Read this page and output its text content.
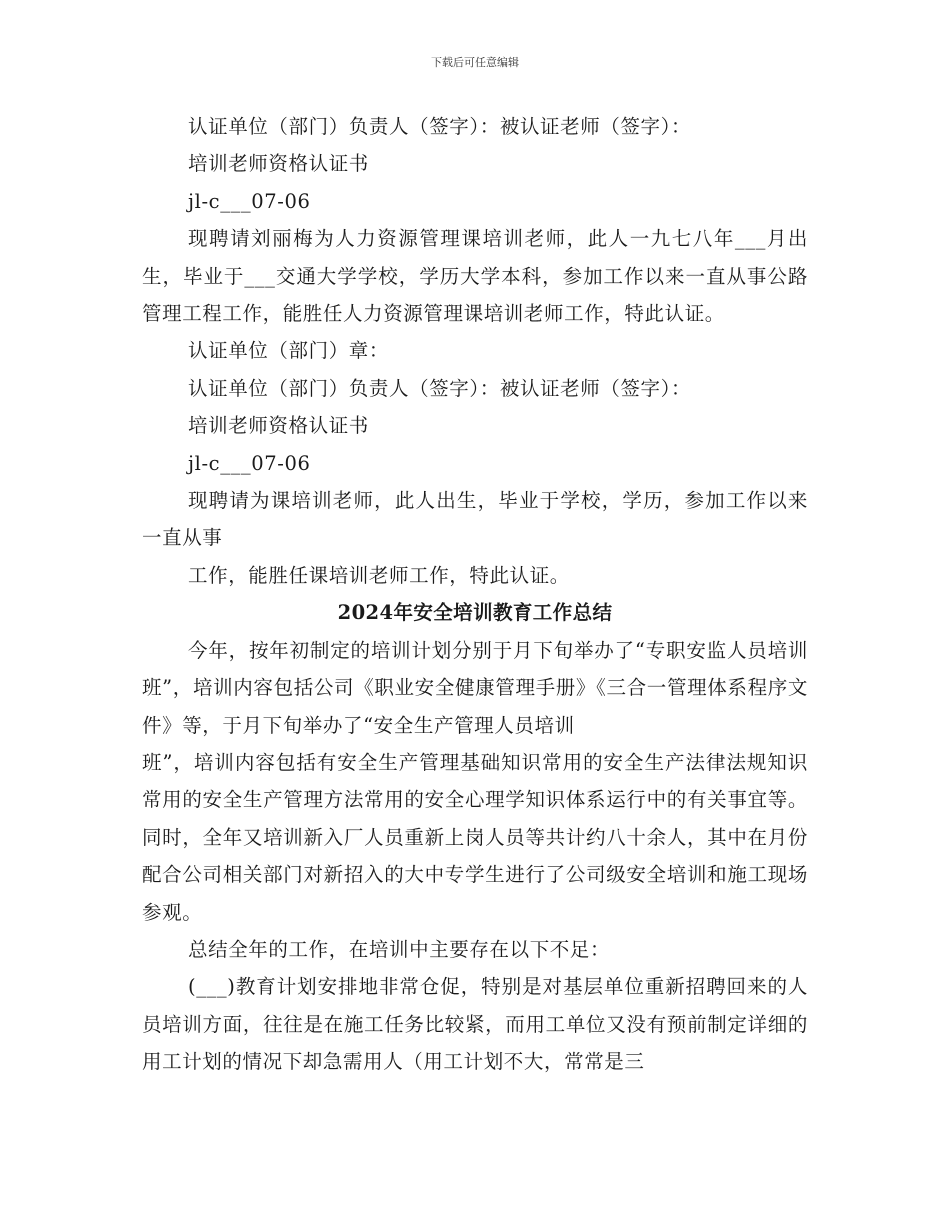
下载后可任意编辑

认证单位（部门）负责人（签字）：被认证老师（签字）：

培训老师资格认证书

jl-c___07-06

现聘请刘丽梅为人力资源管理课培训老师，此人一九七八年___月出生，毕业于___交通大学学校，学历大学本科，参加工作以来一直从事公路管理工程工作，能胜任人力资源管理课培训老师工作，特此认证。

认证单位（部门）章：

认证单位（部门）负责人（签字）：被认证老师（签字）：

培训老师资格认证书

jl-c___07-06

现聘请为课培训老师，此人出生，毕业于学校，学历，参加工作以来一直从事

工作，能胜任课培训老师工作，特此认证。

2024年安全培训教育工作总结

今年，按年初制定的培训计划分别于月下旬举办了“专职安监人员培训班”，培训内容包括公司《职业安全健康管理手册》《三合一管理体系程序文件》等，于月下旬举办了“安全生产管理人员培训

班”，培训内容包括有安全生产管理基础知识常用的安全生产法律法规知识常用的安全生产管理方法常用的安全心理学知识体系运行中的有关事宜等。同时，全年又培训新入厂人员重新上岗人员等共计约八十余人，其中在月份配合公司相关部门对新招入的大中专学生进行了公司级安全培训和施工现场参观。

总结全年的工作，在培训中主要存在以下不足：

(___)教育计划安排地非常仓促，特别是对基层单位重新招聘回来的人员培训方面，往往是在施工任务比较紧，而用工单位又没有预前制定详细的用工计划的情况下却急需用人（用工计划不大，常常是三
